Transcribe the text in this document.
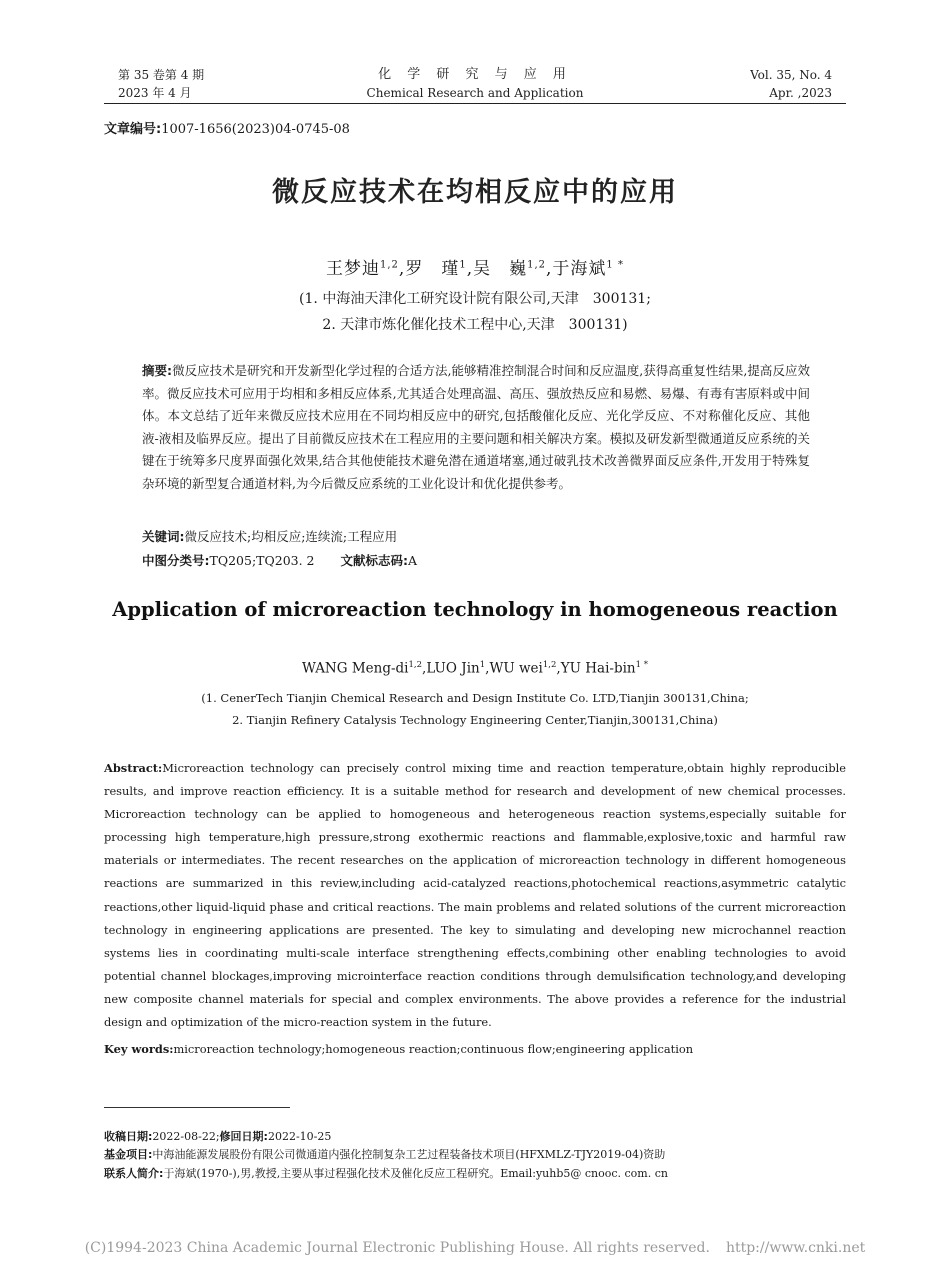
第 35 卷第 4 期
2023 年 4 月
化 学 研 究 与 应 用
Chemical Research and Application
Vol. 35, No. 4
Apr. ,2023
文章编号:1007-1656(2023)04-0745-08
微反应技术在均相反应中的应用
王梦迪$^{1,2}$,罗　瑾$^1$,吴　巍$^{1,2}$,于海斌$^{1 *}$
(1. 中海油天津化工研究设计院有限公司,天津　300131;
2. 天津市炼化催化技术工程中心,天津　300131)
摘要:微反应技术是研究和开发新型化学过程的合适方法,能够精准控制混合时间和反应温度,获得高重复性结果,提高反应效率。微反应技术可应用于均相和多相反应体系,尤其适合处理高温、高压、强放热反应和易燃、易爆、有毒有害原料或中间体。本文总结了近年来微反应技术应用在不同均相反应中的研究,包括酸催化反应、光化学反应、不对称催化反应、其他液-液相及临界反应。提出了目前微反应技术在工程应用的主要问题和相关解决方案。模拟及研发新型微通道反应系统的关键在于统筹多尺度界面强化效果,结合其他使能技术避免潜在通道堵塞,通过破乳技术改善微界面反应条件,开发用于特殊复杂环境的新型复合通道材料,为今后微反应系统的工业化设计和优化提供参考。
关键词:微反应技术;均相反应;连续流;工程应用
中图分类号:TQ205;TQ203. 2 文献标志码:A
Application of microreaction technology in homogeneous reaction
WANG Meng-di$^{1,2}$,LUO Jin$^1$,WU wei$^{1,2}$,YU Hai-bin$^{1 *}$
(1. CenerTech Tianjin Chemical Research and Design Institute Co. LTD,Tianjin 300131,China;
2. Tianjin Refinery Catalysis Technology Engineering Center,Tianjin,300131,China)
Abstract:Microreaction technology can precisely control mixing time and reaction temperature,obtain highly reproducible results, and improve reaction efficiency. It is a suitable method for research and development of new chemical processes. Microreaction technology can be applied to homogeneous and heterogeneous reaction systems,especially suitable for processing high temperature,high pressure,strong exothermic reactions and flammable,explosive,toxic and harmful raw materials or intermediates. The recent researches on the application of microreaction technology in different homogeneous reactions are summarized in this review,including acid-catalyzed reactions,photochemical reactions,asymmetric catalytic reactions,other liquid-liquid phase and critical reactions. The main problems and related solutions of the current microreaction technology in engineering applications are presented. The key to simulating and developing new microchannel reaction systems lies in coordinating multi-scale interface strengthening effects,combining other enabling technologies to avoid potential channel blockages,improving microinterface reaction conditions through demulsification technology,and developing new composite channel materials for special and complex environments. The above provides a reference for the industrial design and optimization of the micro-reaction system in the future.
Key words:microreaction technology;homogeneous reaction;continuous flow;engineering application
收稿日期:2022-08-22;修回日期:2022-10-25
基金项目:中海油能源发展股份有限公司微通道内强化控制复杂工艺过程装备技术项目(HFXMLZ-TJY2019-04)资助
联系人简介:于海斌(1970-),男,教授,主要从事过程强化技术及催化反应工程研究。Email:yuhb5@ cnooc. com. cn
(C)1994-2023 China Academic Journal Electronic Publishing House. All rights reserved. http://www.cnki.net
